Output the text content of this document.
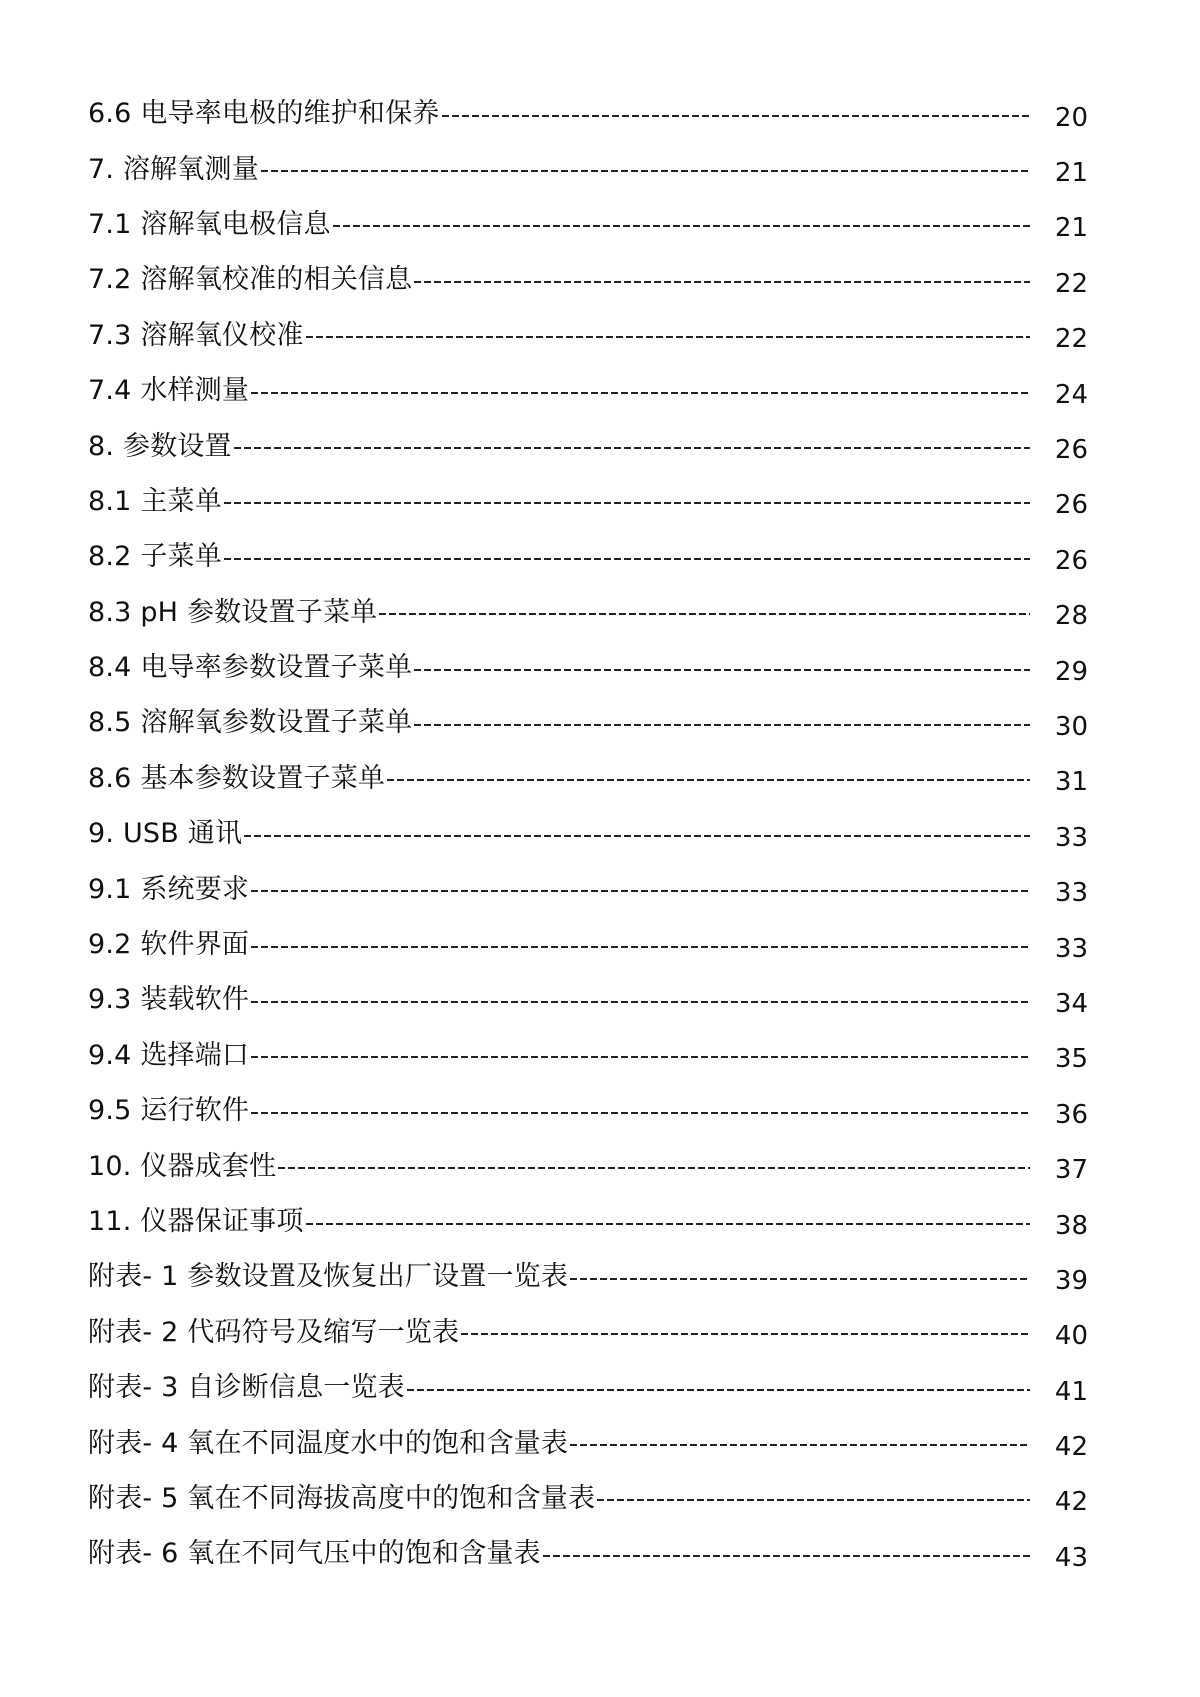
6.6 电导率电极的维护和保养	20
7. 溶解氧测量	21
7.1 溶解氧电极信息	21
7.2 溶解氧校准的相关信息	22
7.3 溶解氧仪校准	22
7.4 水样测量	24
8. 参数设置	26
8.1 主菜单	26
8.2 子菜单	26
8.3 pH 参数设置子菜单	28
8.4 电导率参数设置子菜单	29
8.5 溶解氧参数设置子菜单	30
8.6 基本参数设置子菜单	31
9. USB 通讯	33
9.1 系统要求	33
9.2 软件界面	33
9.3 装载软件	34
9.4 选择端口	35
9.5 运行软件	36
10. 仪器成套性	37
11. 仪器保证事项	38
附表- 1 参数设置及恢复出厂设置一览表	39
附表- 2 代码符号及缩写一览表	40
附表- 3 自诊断信息一览表	41
附表- 4 氧在不同温度水中的饱和含量表	42
附表- 5 氧在不同海拔高度中的饱和含量表	42
附表- 6 氧在不同气压中的饱和含量表	43
